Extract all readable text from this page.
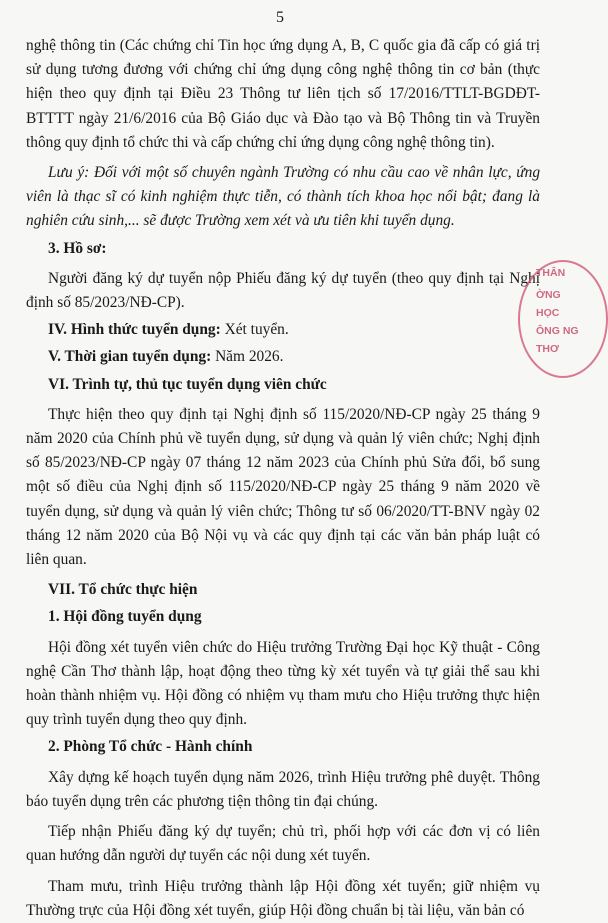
5

nghệ thông tin (Các chứng chỉ Tin học ứng dụng A, B, C quốc gia đã cấp có giá trị sử dụng tương đương với chứng chỉ ứng dụng công nghệ thông tin cơ bản (thực hiện theo quy định tại Điều 23 Thông tư liên tịch số 17/2016/TTLT-BGDĐT-BTTTT ngày 21/6/2016 của Bộ Giáo dục và Đào tạo và Bộ Thông tin và Truyền thông quy định tổ chức thi và cấp chứng chỉ ứng dụng công nghệ thông tin).

Lưu ý: Đối với một số chuyên ngành Trường có nhu cầu cao về nhân lực, ứng viên là thạc sĩ có kinh nghiệm thực tiễn, có thành tích khoa học nổi bật; đang là nghiên cứu sinh,... sẽ được Trường xem xét và ưu tiên khi tuyển dụng.

3. Hồ sơ:

Người đăng ký dự tuyển nộp Phiếu đăng ký dự tuyển (theo quy định tại Nghị định số 85/2023/NĐ-CP).

IV. Hình thức tuyển dụng: Xét tuyển.

V. Thời gian tuyển dụng: Năm 2026.

VI. Trình tự, thủ tục tuyển dụng viên chức

Thực hiện theo quy định tại Nghị định số 115/2020/NĐ-CP ngày 25 tháng 9 năm 2020 của Chính phủ về tuyển dụng, sử dụng và quản lý viên chức; Nghị định số 85/2023/NĐ-CP ngày 07 tháng 12 năm 2023 của Chính phủ Sửa đổi, bổ sung một số điều của Nghị định số 115/2020/NĐ-CP ngày 25 tháng 9 năm 2020 về tuyển dụng, sử dụng và quản lý viên chức; Thông tư số 06/2020/TT-BNV ngày 02 tháng 12 năm 2020 của Bộ Nội vụ và các quy định tại các văn bản pháp luật có liên quan.

VII. Tổ chức thực hiện

1. Hội đồng tuyển dụng

Hội đồng xét tuyển viên chức do Hiệu trưởng Trường Đại học Kỹ thuật - Công nghệ Cần Thơ thành lập, hoạt động theo từng kỳ xét tuyển và tự giải thể sau khi hoàn thành nhiệm vụ. Hội đồng có nhiệm vụ tham mưu cho Hiệu trưởng thực hiện quy trình tuyển dụng theo quy định.

2. Phòng Tổ chức - Hành chính

Xây dựng kế hoạch tuyển dụng năm 2026, trình Hiệu trưởng phê duyệt. Thông báo tuyển dụng trên các phương tiện thông tin đại chúng.

Tiếp nhận Phiếu đăng ký dự tuyển; chủ trì, phối hợp với các đơn vị có liên quan hướng dẫn người dự tuyển các nội dung xét tuyển.

Tham mưu, trình Hiệu trưởng thành lập Hội đồng xét tuyển; giữ nhiệm vụ Thường trực của Hội đồng xét tuyển, giúp Hội đồng chuẩn bị tài liệu, văn bản có

THÂN
ỜNG
HỌC
ÔNG NG
THƠ
